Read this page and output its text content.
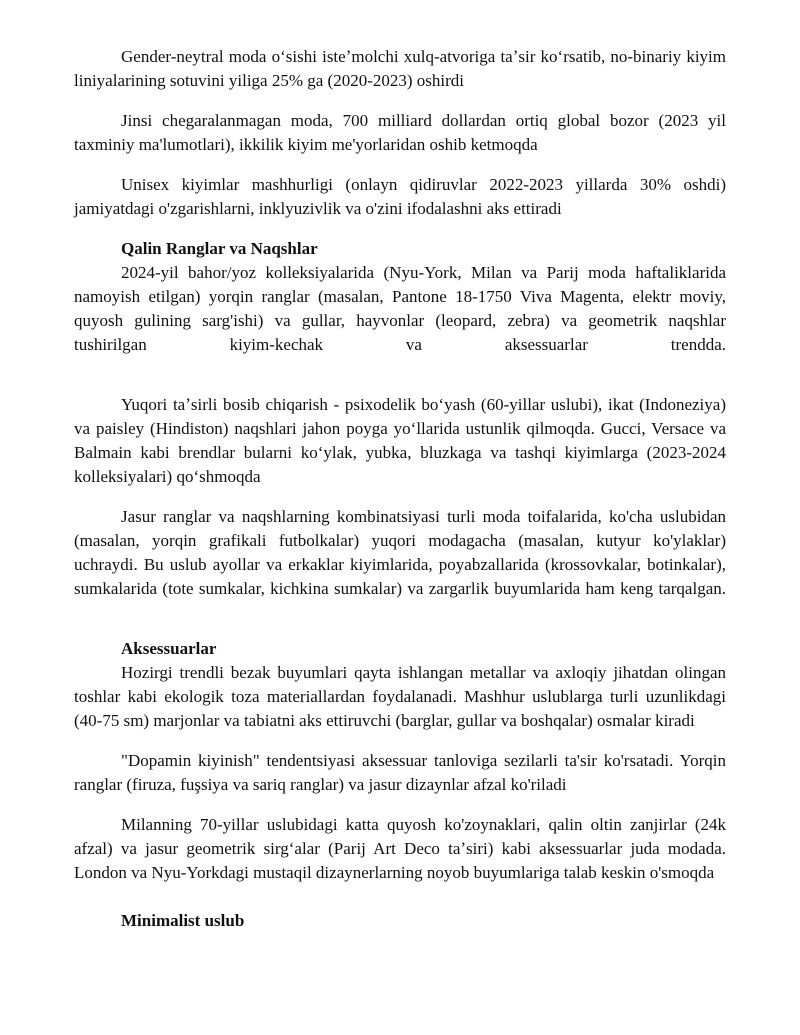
Gender-neytral moda oʻsishi isteʼmolchi xulq-atvoriga taʼsir koʻrsatib, no-binariy kiyim liniyalarining sotuvini yiliga 25% ga (2020-2023) oshirdi

Jinsi chegaralanmagan moda, 700 milliard dollardan ortiq global bozor (2023 yil taxminiy ma'lumotlari), ikkilik kiyim me'yorlaridan oshib ketmoqda

Unisex kiyimlar mashhurligi (onlayn qidiruvlar 2022-2023 yillarda 30% oshdi) jamiyatdagi o'zgarishlarni, inklyuzivlik va o'zini ifodalashni aks ettiradi

Qalin Ranglar va Naqshlar

2024-yil bahor/yoz kolleksiyalarida (Nyu-York, Milan va Parij moda haftaliklarida namoyish etilgan) yorqin ranglar (masalan, Pantone 18-1750 Viva Magenta, elektr moviy, quyosh gulining sarg'ishi) va gullar, hayvonlar (leopard, zebra) va geometrik naqshlar tushirilgan kiyim-kechak va aksessuarlar trendda.

Yuqori taʼsirli bosib chiqarish - psixodelik boʻyash (60-yillar uslubi), ikat (Indoneziya) va paisley (Hindiston) naqshlari jahon poyga yoʻllarida ustunlik qilmoqda. Gucci, Versace va Balmain kabi brendlar bularni koʻylak, yubka, bluzkaga va tashqi kiyimlarga (2023-2024 kolleksiyalari) qoʻshmoqda

Jasur ranglar va naqshlarning kombinatsiyasi turli moda toifalarida, ko'cha uslubidan (masalan, yorqin grafikali futbolkalar) yuqori modagacha (masalan, kutyur ko'ylaklar) uchraydi. Bu uslub ayollar va erkaklar kiyimlarida, poyabzallarida (krossovkalar, botinkalar), sumkalarida (tote sumkalar, kichkina sumkalar) va zargarlik buyumlarida ham keng tarqalgan.

Aksessuarlar

Hozirgi trendli bezak buyumlari qayta ishlangan metallar va axloqiy jihatdan olingan toshlar kabi ekologik toza materiallardan foydalanadi. Mashhur uslublarga turli uzunlikdagi (40-75 sm) marjonlar va tabiatni aks ettiruvchi (barglar, gullar va boshqalar) osmalar kiradi

"Dopamin kiyinish" tendentsiyasi aksessuar tanloviga sezilarli ta'sir ko'rsatadi. Yorqin ranglar (firuza, fuşsiya va sariq ranglar) va jasur dizaynlar afzal ko'riladi

Milanning 70-yillar uslubidagi katta quyosh ko'zoynaklari, qalin oltin zanjirlar (24k afzal) va jasur geometrik sirgʻalar (Parij Art Deco taʼsiri) kabi aksessuarlar juda modada. London va Nyu-Yorkdagi mustaqil dizaynerlarning noyob buyumlariga talab keskin o'smoqda

Minimalist uslub
